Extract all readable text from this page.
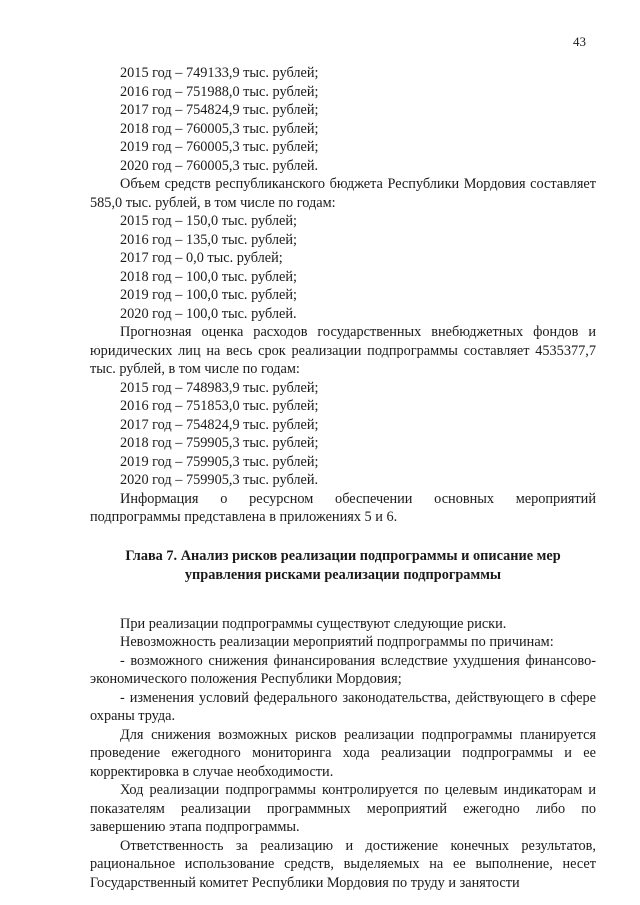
43
2015 год – 749133,9 тыс. рублей;
2016 год – 751988,0 тыс. рублей;
2017 год – 754824,9 тыс. рублей;
2018 год – 760005,3 тыс. рублей;
2019 год – 760005,3 тыс. рублей;
2020 год – 760005,3 тыс. рублей.
Объем средств республиканского бюджета Республики Мордовия составляет 585,0 тыс. рублей, в том числе по годам:
2015 год – 150,0 тыс. рублей;
2016 год – 135,0 тыс. рублей;
2017 год – 0,0 тыс. рублей;
2018 год – 100,0 тыс. рублей;
2019 год – 100,0 тыс. рублей;
2020 год – 100,0 тыс. рублей.
Прогнозная оценка расходов государственных внебюджетных фондов и юридических лиц на весь срок реализации подпрограммы составляет 4535377,7 тыс. рублей, в том числе по годам:
2015 год – 748983,9 тыс. рублей;
2016 год – 751853,0 тыс. рублей;
2017 год – 754824,9 тыс. рублей;
2018 год – 759905,3 тыс. рублей;
2019 год – 759905,3 тыс. рублей;
2020 год – 759905,3 тыс. рублей.
Информация о ресурсном обеспечении основных мероприятий подпрограммы представлена в приложениях 5 и 6.
Глава 7. Анализ рисков реализации подпрограммы и описание мер
управления рисками реализации подпрограммы
При реализации подпрограммы существуют следующие риски.
Невозможность реализации мероприятий подпрограммы по причинам:
- возможного снижения финансирования вследствие ухудшения финансово-экономического положения Республики Мордовия;
- изменения условий федерального законодательства, действующего в сфере охраны труда.
Для снижения возможных рисков реализации подпрограммы планируется проведение ежегодного мониторинга хода реализации подпрограммы и ее корректировка в случае необходимости.
Ход реализации подпрограммы контролируется по целевым индикаторам и показателям реализации программных мероприятий ежегодно либо по завершению этапа подпрограммы.
Ответственность за реализацию и достижение конечных результатов, рациональное использование средств, выделяемых на ее выполнение, несет Государственный комитет Республики Мордовия по труду и занятости
